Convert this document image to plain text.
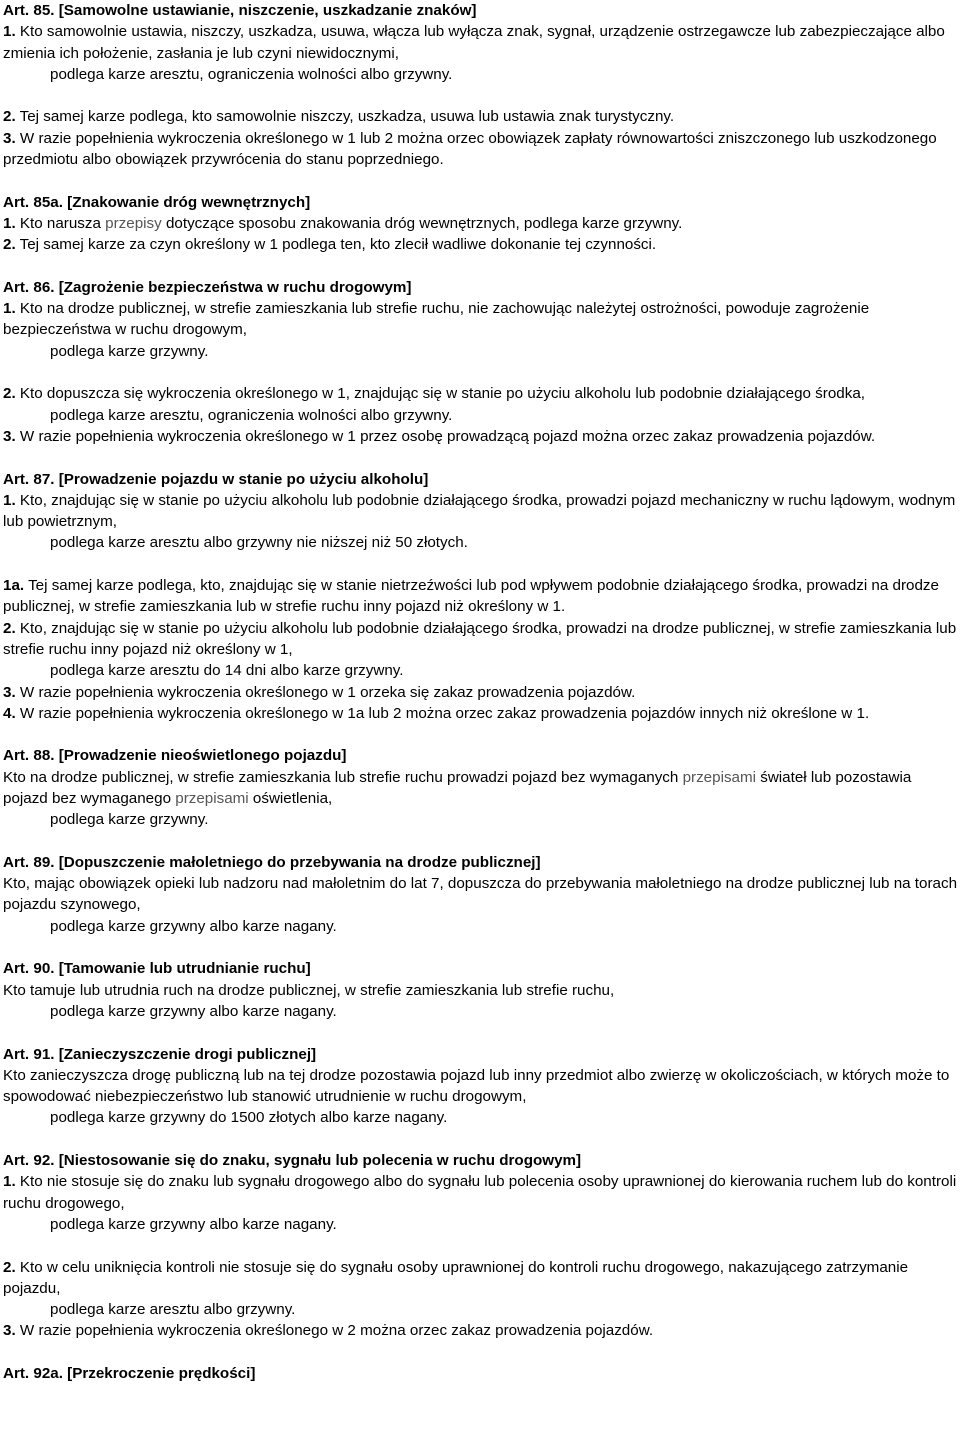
Art. 85. [Samowolne ustawianie, niszczenie, uszkadzanie znaków]
1. Kto samowolnie ustawia, niszczy, uszkadza, usuwa, włącza lub wyłącza znak, sygnał, urządzenie ostrzegawcze lub zabezpieczające albo zmienia ich położenie, zasłania je lub czyni niewidocznymi,
podlega karze aresztu, ograniczenia wolności albo grzywny.
2. Tej samej karze podlega, kto samowolnie niszczy, uszkadza, usuwa lub ustawia znak turystyczny.
3. W razie popełnienia wykroczenia określonego w 1 lub 2 można orzec obowiązek zapłaty równowartości zniszczonego lub uszkodzonego przedmiotu albo obowiązek przywrócenia do stanu poprzedniego.
Art. 85a. [Znakowanie dróg wewnętrznych]
1. Kto narusza przepisy dotyczące sposobu znakowania dróg wewnętrznych, podlega karze grzywny.
2. Tej samej karze za czyn określony w 1 podlega ten, kto zlecił wadliwe dokonanie tej czynności.
Art. 86. [Zagrożenie bezpieczeństwa w ruchu drogowym]
1. Kto na drodze publicznej, w strefie zamieszkania lub strefie ruchu, nie zachowując należytej ostrożności, powoduje zagrożenie bezpieczeństwa w ruchu drogowym,
podlega karze grzywny.
2. Kto dopuszcza się wykroczenia określonego w 1, znajdując się w stanie po użyciu alkoholu lub podobnie działającego środka,
podlega karze aresztu, ograniczenia wolności albo grzywny.
3. W razie popełnienia wykroczenia określonego w 1 przez osobę prowadzącą pojazd można orzec zakaz prowadzenia pojazdów.
Art. 87. [Prowadzenie pojazdu w stanie po użyciu alkoholu]
1. Kto, znajdując się w stanie po użyciu alkoholu lub podobnie działającego środka, prowadzi pojazd mechaniczny w ruchu lądowym, wodnym lub powietrznym,
podlega karze aresztu albo grzywny nie niższej niż 50 złotych.
1a. Tej samej karze podlega, kto, znajdując się w stanie nietrzeźwości lub pod wpływem podobnie działającego środka, prowadzi na drodze publicznej, w strefie zamieszkania lub w strefie ruchu inny pojazd niż określony w 1.
2. Kto, znajdując się w stanie po użyciu alkoholu lub podobnie działającego środka, prowadzi na drodze publicznej, w strefie zamieszkania lub strefie ruchu inny pojazd niż określony w 1,
podlega karze aresztu do 14 dni albo karze grzywny.
3. W razie popełnienia wykroczenia określonego w 1 orzeka się zakaz prowadzenia pojazdów.
4. W razie popełnienia wykroczenia określonego w 1a lub 2 można orzec zakaz prowadzenia pojazdów innych niż określone w 1.
Art. 88. [Prowadzenie nieoświetlonego pojazdu]
Kto na drodze publicznej, w strefie zamieszkania lub strefie ruchu prowadzi pojazd bez wymaganych przepisami świateł lub pozostawia pojazd bez wymaganego przepisami oświetlenia,
podlega karze grzywny.
Art. 89. [Dopuszczenie małoletniego do przebywania na drodze publicznej]
Kto, mając obowiązek opieki lub nadzoru nad małoletnim do lat 7, dopuszcza do przebywania małoletniego na drodze publicznej lub na torach pojazdu szynowego,
podlega karze grzywny albo karze nagany.
Art. 90. [Tamowanie lub utrudnianie ruchu]
Kto tamuje lub utrudnia ruch na drodze publicznej, w strefie zamieszkania lub strefie ruchu,
podlega karze grzywny albo karze nagany.
Art. 91. [Zanieczyszczenie drogi publicznej]
Kto zanieczyszcza drogę publiczną lub na tej drodze pozostawia pojazd lub inny przedmiot albo zwierzę w okoliczościach, w których może to spowodować niebezpieczeństwo lub stanowić utrudnienie w ruchu drogowym,
podlega karze grzywny do 1500 złotych albo karze nagany.
Art. 92. [Niestosowanie się do znaku, sygnału lub polecenia w ruchu drogowym]
1. Kto nie stosuje się do znaku lub sygnału drogowego albo do sygnału lub polecenia osoby uprawnionej do kierowania ruchem lub do kontroli ruchu drogowego,
podlega karze grzywny albo karze nagany.
2. Kto w celu uniknięcia kontroli nie stosuje się do sygnału osoby uprawnionej do kontroli ruchu drogowego, nakazującego zatrzymanie pojazdu,
podlega karze aresztu albo grzywny.
3. W razie popełnienia wykroczenia określonego w 2 można orzec zakaz prowadzenia pojazdów.
Art. 92a. [Przekroczenie prędkości]
